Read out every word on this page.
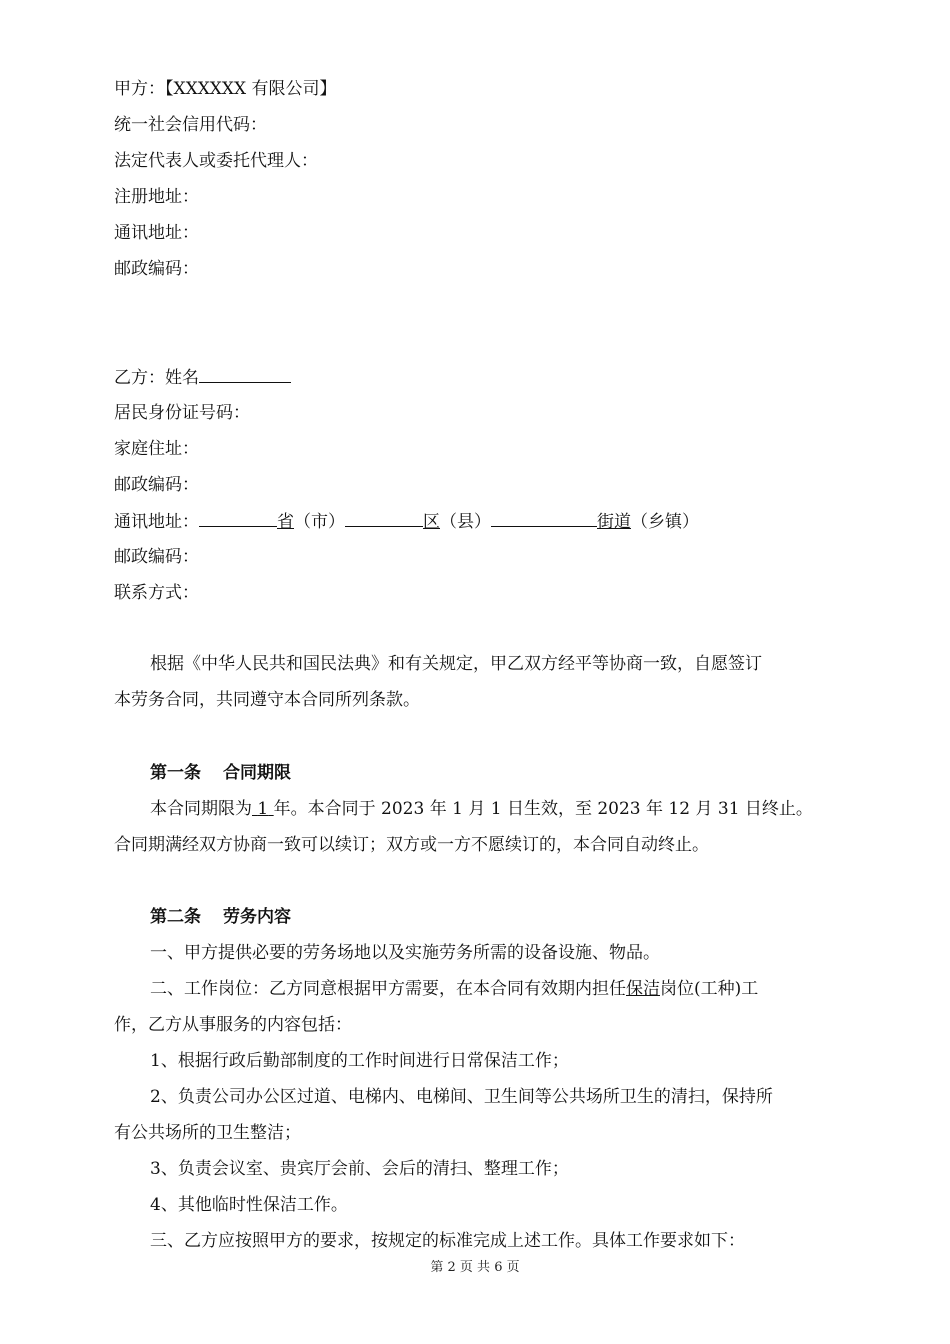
甲方：【XXXXXX 有限公司】
统一社会信用代码：
法定代表人或委托代理人：
注册地址：
通讯地址：
邮政编码：
乙方：姓名
居民身份证号码：
家庭住址：
邮政编码：
通讯地址：	省（市）	区（县）	街道（乡镇）
邮政编码：
联系方式：
根据《中华人民共和国民法典》和有关规定，甲乙双方经平等协商一致，自愿签订
本劳务合同，共同遵守本合同所列条款。
第一条 合同期限
本合同期限为 1 年。本合同于 2023 年 1 月 1 日生效，至 2023 年 12 月 31 日终止。
合同期满经双方协商一致可以续订；双方或一方不愿续订的，本合同自动终止。
第二条 劳务内容
一、甲方提供必要的劳务场地以及实施劳务所需的设备设施、物品。
二、工作岗位：乙方同意根据甲方需要，在本合同有效期内担任保洁岗位(工种)工
作，乙方从事服务的内容包括：
1、根据行政后勤部制度的工作时间进行日常保洁工作；
2、负责公司办公区过道、电梯内、电梯间、卫生间等公共场所卫生的清扫，保持所
有公共场所的卫生整洁；
3、负责会议室、贵宾厅会前、会后的清扫、整理工作；
4、其他临时性保洁工作。
三、乙方应按照甲方的要求，按规定的标准完成上述工作。具体工作要求如下：
第 2 页 共 6 页
